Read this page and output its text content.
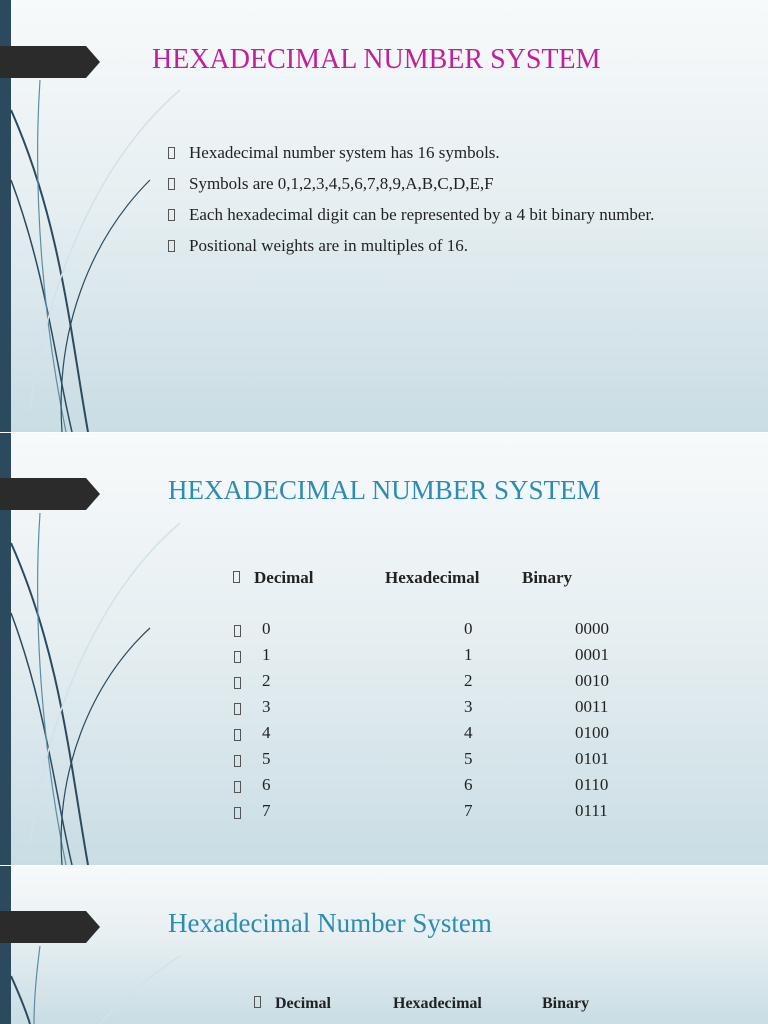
HEXADECIMAL NUMBER SYSTEM
Hexadecimal number system has 16 symbols.
Symbols are 0,1,2,3,4,5,6,7,8,9,A,B,C,D,E,F
Each hexadecimal digit can be represented by a 4 bit binary number.
Positional weights are in multiples of 16.
HEXADECIMAL NUMBER SYSTEM
Decimal	Hexadecimal	Binary
0	0	0000
1	1	0001
2	2	0010
3	3	0011
4	4	0100
5	5	0101
6	6	0110
7	7	0111
Hexadecimal Number System
Decimal	Hexadecimal	Binary
